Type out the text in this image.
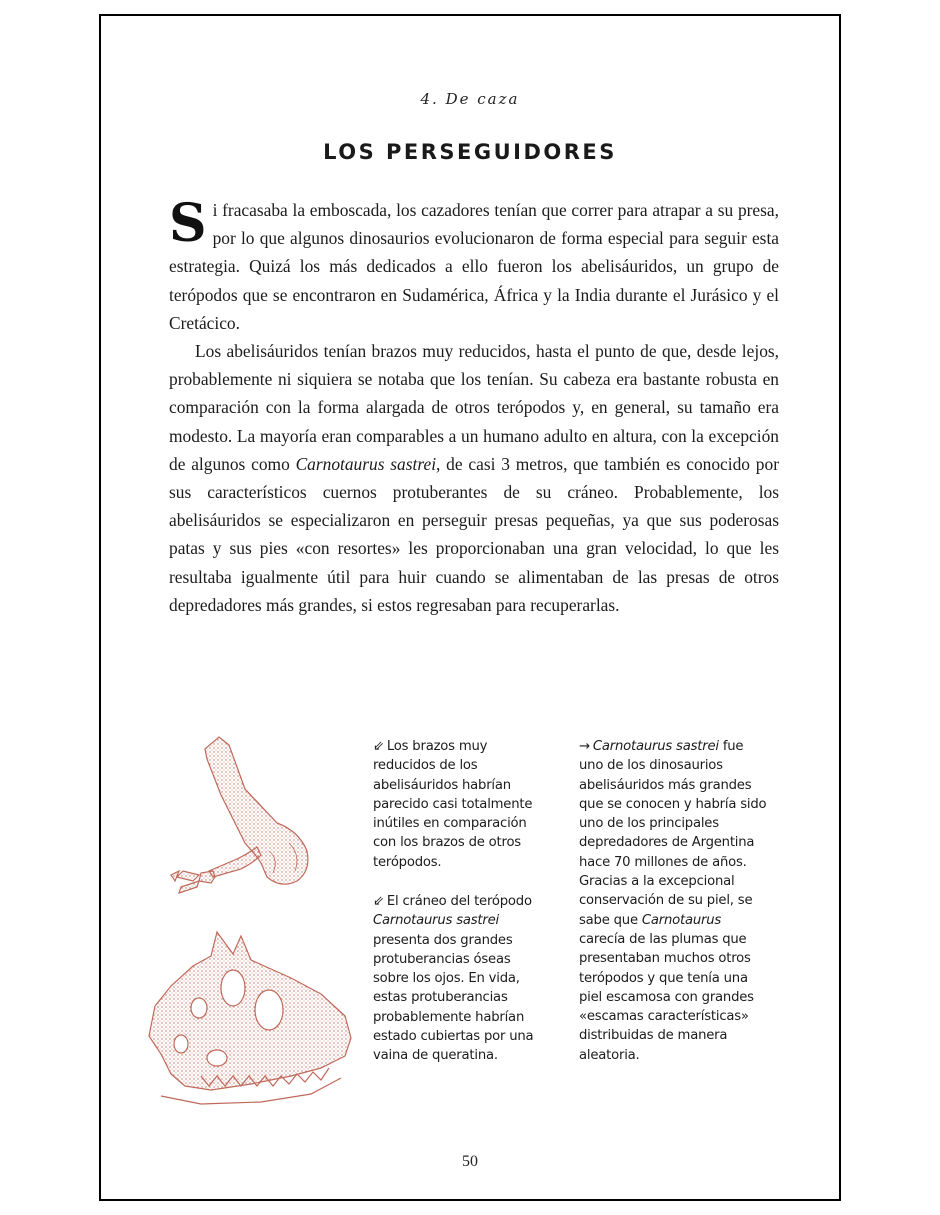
4. De caza
LOS PERSEGUIDORES

Si fracasaba la emboscada, los cazadores tenían que correr para atrapar a su presa, por lo que algunos dinosaurios evolucionaron de forma especial para seguir esta estrategia. Quizá los más dedicados a ello fueron los abelisáuridos, un grupo de terópodos que se encontraron en Sudamérica, África y la India durante el Jurásico y el Cretácico.

Los abelisáuridos tenían brazos muy reducidos, hasta el punto de que, desde lejos, probablemente ni siquiera se notaba que los tenían. Su cabeza era bastante robusta en comparación con la forma alargada de otros terópodos y, en general, su tamaño era modesto. La mayoría eran comparables a un humano adulto en altura, con la excepción de algunos como Carnotaurus sastrei, de casi 3 metros, que también es conocido por sus característicos cuernos protuberantes de su cráneo. Probablemente, los abelisáuridos se especializaron en perseguir presas pequeñas, ya que sus poderosas patas y sus pies «con resortes» les proporcionaban una gran velocidad, lo que les resultaba igualmente útil para huir cuando se alimentaban de las presas de otros depredadores más grandes, si estos regresaban para recuperarlas.

⇙ Los brazos muy reducidos de los abelisáuridos habrían parecido casi totalmente inútiles en comparación con los brazos de otros terópodos.
⇙ El cráneo del terópodo Carnotaurus sastrei presenta dos grandes protuberancias óseas sobre los ojos. En vida, estas protuberancias probablemente habrían estado cubiertas por una vaina de queratina.
→ Carnotaurus sastrei fue uno de los dinosaurios abelisáuridos más grandes que se conocen y habría sido uno de los principales depredadores de Argentina hace 70 millones de años. Gracias a la excepcional conservación de su piel, se sabe que Carnotaurus carecía de las plumas que presentaban muchos otros terópodos y que tenía una piel escamosa con grandes «escamas características» distribuidas de manera aleatoria.
50
